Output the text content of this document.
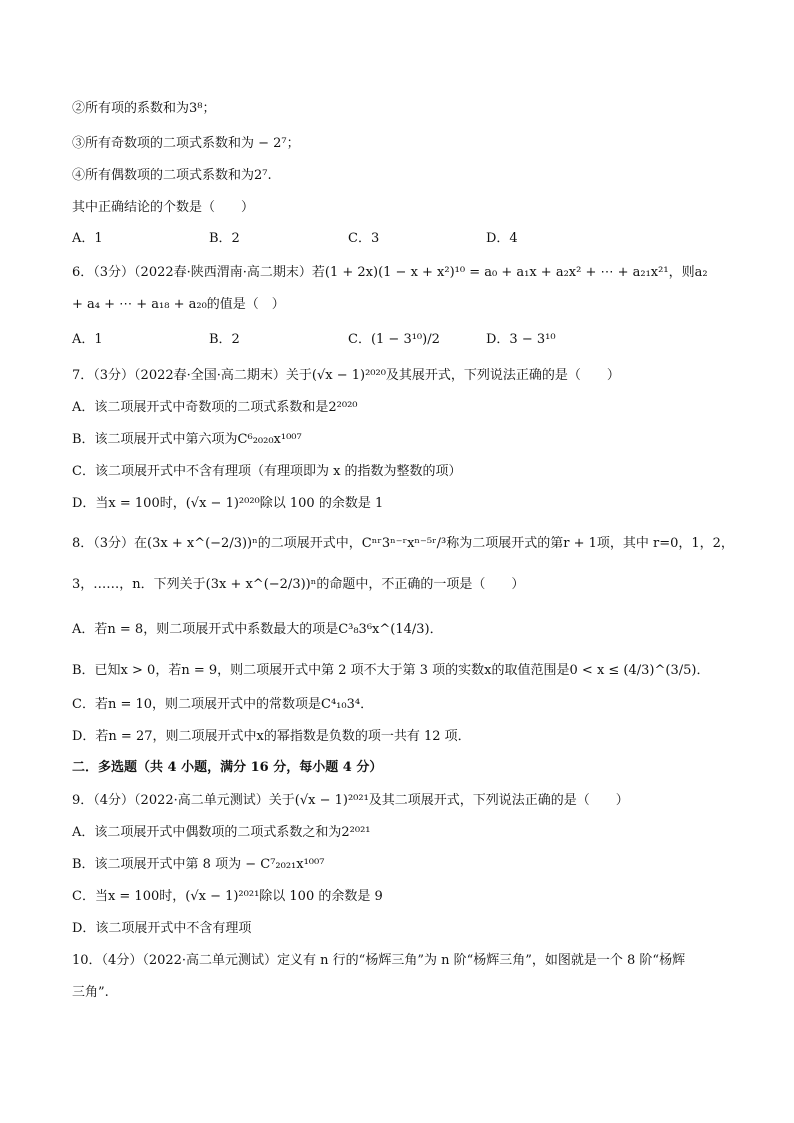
②所有项的系数和为3⁸；
③所有奇数项的二项式系数和为 − 2⁷；
④所有偶数项的二项式系数和为2⁷.
其中正确结论的个数是（　　）
A．1	B．2	C．3	D．4
6．（3分）（2022春·陕西渭南·高二期末）若(1 + 2x)(1 − x + x²)¹⁰ = a₀ + a₁x + a₂x² + ⋯ + a₂₁x²¹，则a₂
+ a₄ + ⋯ + a₁₈ + a₂₀的值是（　）
A．1	B．2	C．(1 − 3¹⁰)/2	D．3 − 3¹⁰
7．（3分）（2022春·全国·高二期末）关于(√x − 1)²⁰²⁰及其展开式，下列说法正确的是（　　）
A．该二项展开式中奇数项的二项式系数和是2²⁰²⁰
B．该二项展开式中第六项为C⁶₂₀₂₀x¹⁰⁰⁷
C．该二项展开式中不含有理项（有理项即为 x 的指数为整数的项）
D．当x = 100时，(√x − 1)²⁰²⁰除以 100 的余数是 1
8．（3分）在(3x + x^(−2/3))ⁿ的二项展开式中，Cⁿʳ3ⁿ⁻ʳxⁿ⁻⁵ʳ/³称为二项展开式的第r + 1项，其中 r=0，1，2，
3，……，n．下列关于(3x + x^(−2/3))ⁿ的命题中，不正确的一项是（　　）
A．若n = 8，则二项展开式中系数最大的项是C³₈3⁶x^(14/3)．
B．已知x > 0，若n = 9，则二项展开式中第 2 项不大于第 3 项的实数x的取值范围是0 < x ≤ (4/3)^(3/5)．
C．若n = 10，则二项展开式中的常数项是C⁴₁₀3⁴．
D．若n = 27，则二项展开式中x的幂指数是负数的项一共有 12 项．
二．多选题（共 4 小题，满分 16 分，每小题 4 分）
9．（4分）（2022·高二单元测试）关于(√x − 1)²⁰²¹及其二项展开式，下列说法正确的是（　　）
A．该二项展开式中偶数项的二项式系数之和为2²⁰²¹
B．该二项展开式中第 8 项为 − C⁷₂₀₂₁x¹⁰⁰⁷
C．当x = 100时，(√x − 1)²⁰²¹除以 100 的余数是 9
D．该二项展开式中不含有理项
10．（4分）（2022·高二单元测试）定义有 n 行的“杨辉三角”为 n 阶“杨辉三角”，如图就是一个 8 阶“杨辉
三角”.
